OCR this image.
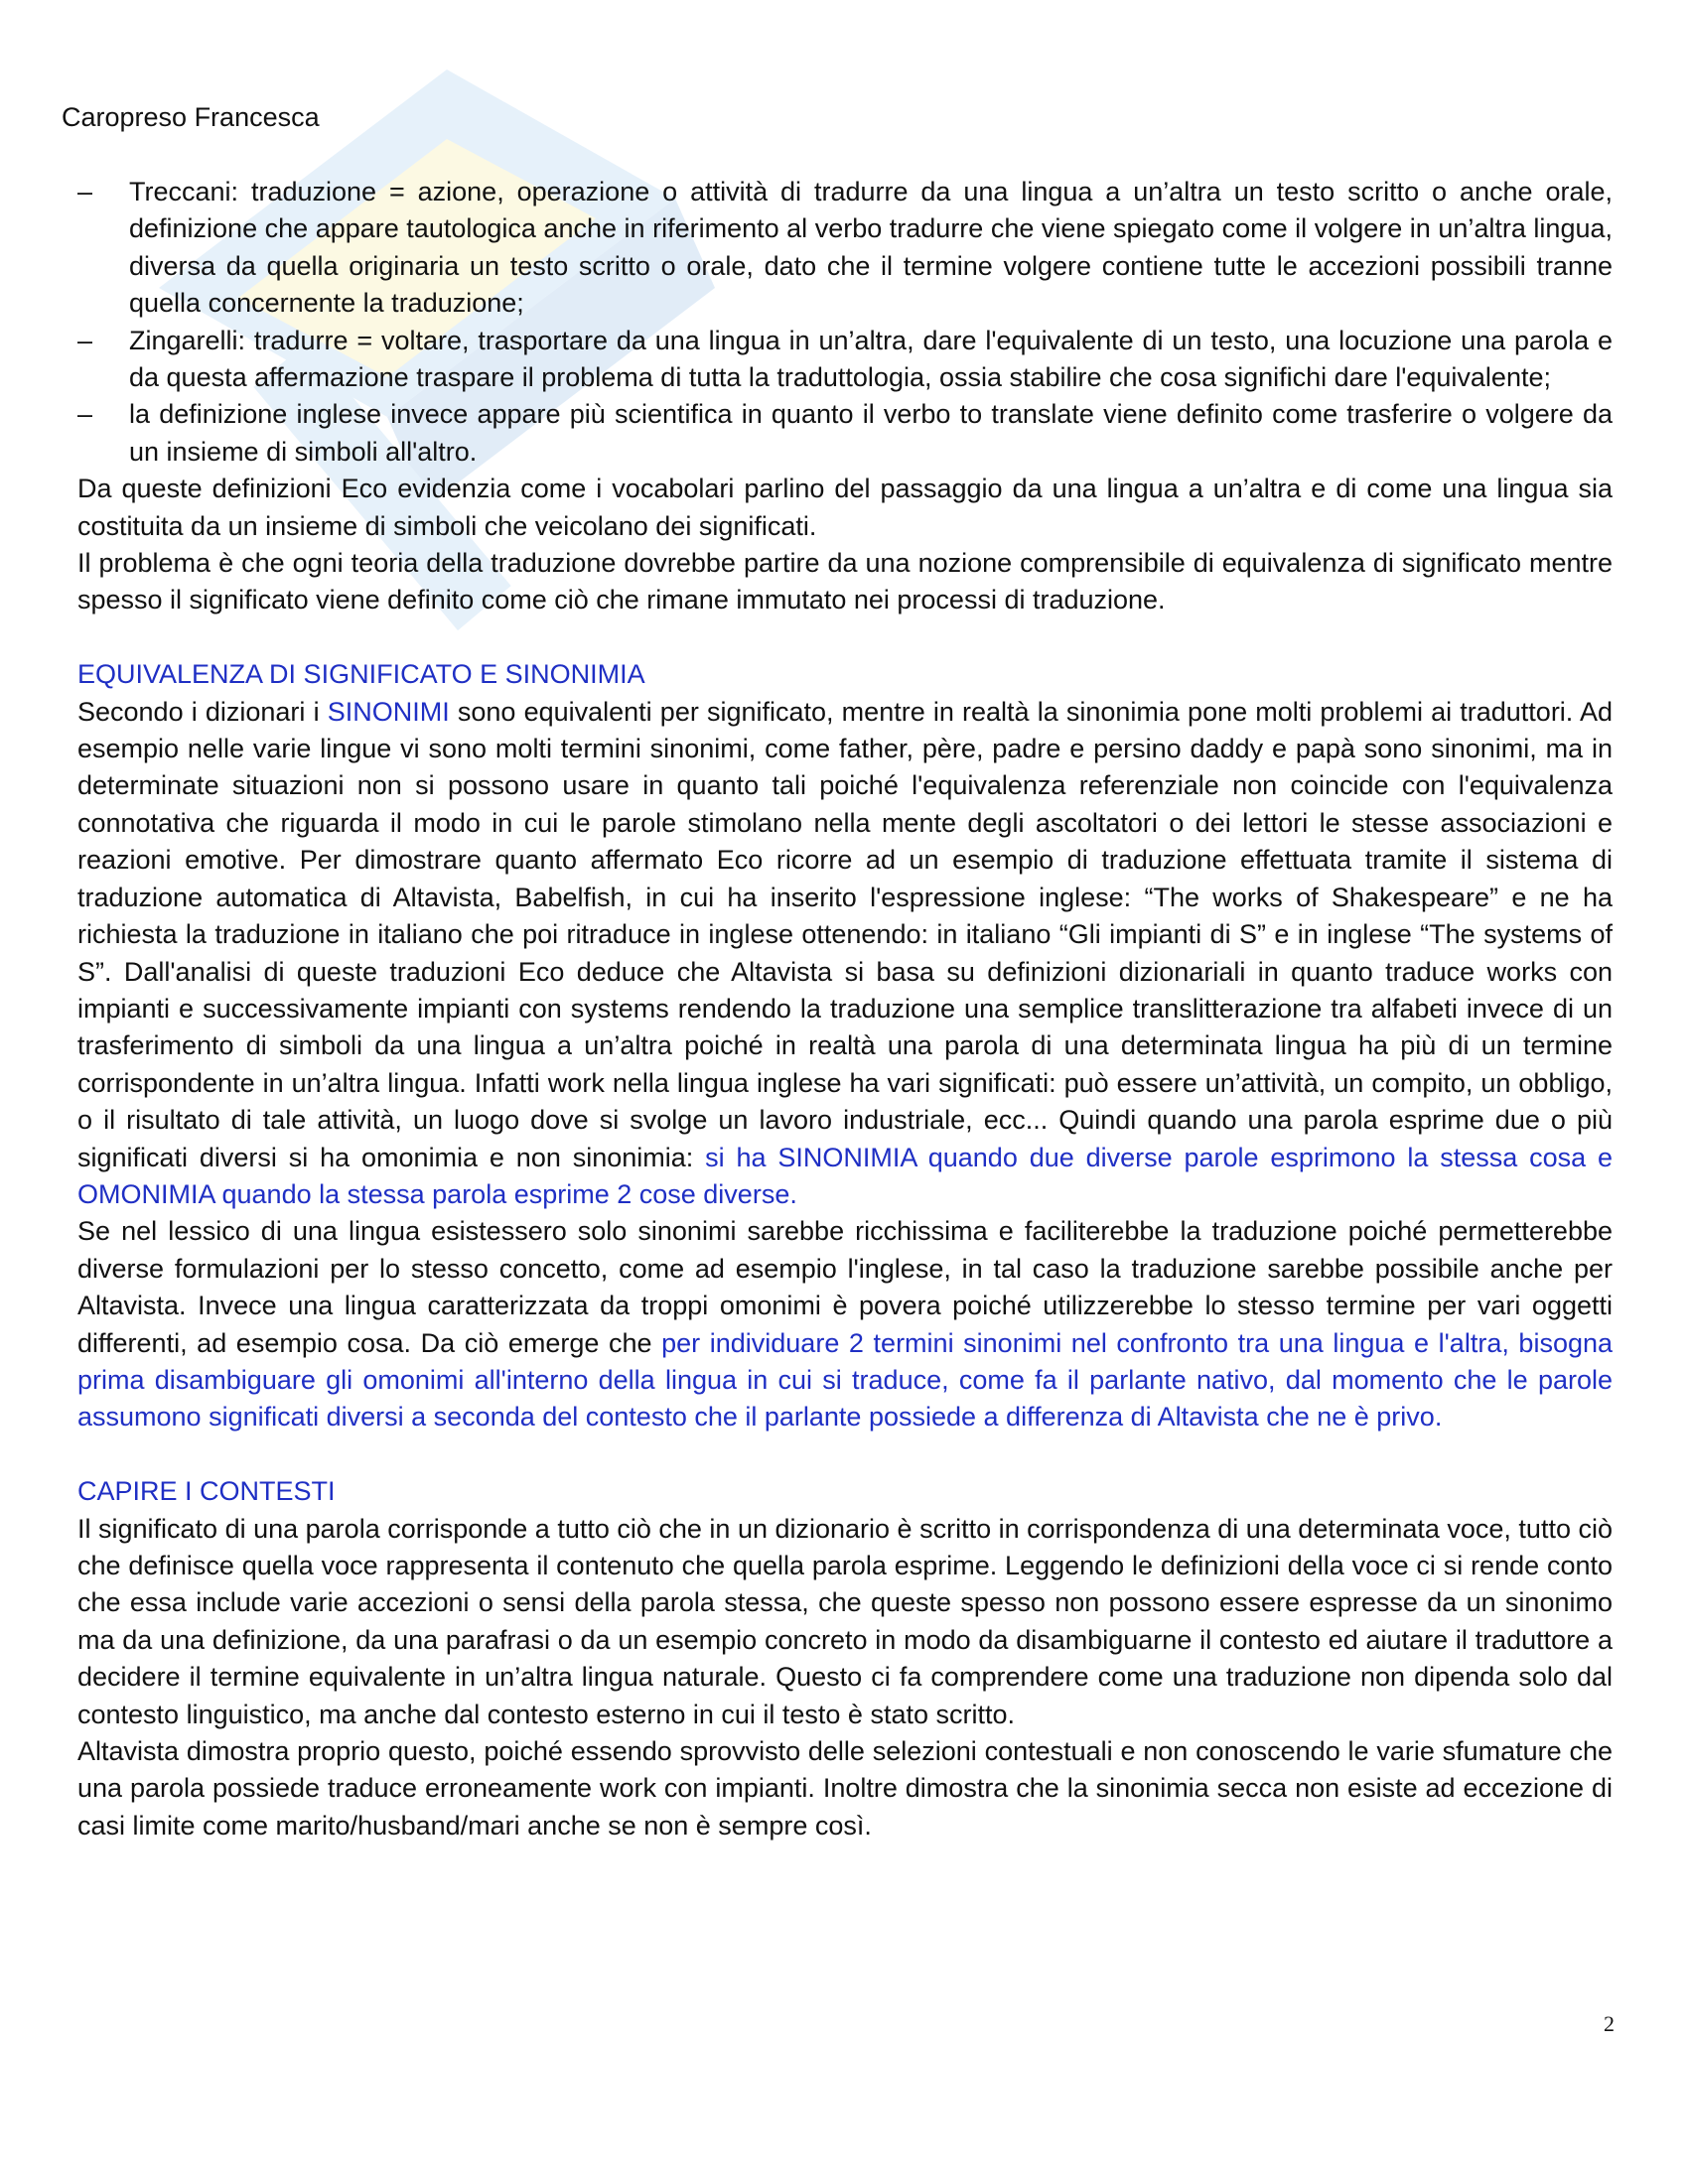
Caropreso Francesca
–	Treccani: traduzione = azione, operazione o attività di tradurre da una lingua a un’altra un testo scritto o anche orale, definizione che appare tautologica anche in riferimento al verbo tradurre che viene spiegato come il volgere in un’altra lingua, diversa da quella originaria un testo scritto o orale, dato che il termine volgere contiene tutte le accezioni possibili tranne quella concernente la traduzione;
–	Zingarelli: tradurre = voltare, trasportare da una lingua in un’altra, dare l'equivalente di un testo, una locuzione una parola e da questa affermazione traspare il problema di tutta la traduttologia, ossia stabilire che cosa significhi dare l'equivalente;
–	la definizione inglese invece appare più scientifica in quanto il verbo to translate viene definito come trasferire o volgere da un insieme di simboli all'altro.

Da queste definizioni Eco evidenzia come i vocabolari parlino del passaggio da una lingua a un’altra e di come una lingua sia costituita da un insieme di simboli che veicolano dei significati.

Il problema è che ogni teoria della traduzione dovrebbe partire da una nozione comprensibile di equivalenza di significato mentre spesso il significato viene definito come ciò che rimane immutato nei processi di traduzione.

EQUIVALENZA DI SIGNIFICATO E SINONIMIA

Secondo i dizionari i SINONIMI sono equivalenti per significato, mentre in realtà la sinonimia pone molti problemi ai traduttori. Ad esempio nelle varie lingue vi sono molti termini sinonimi, come father, père, padre e persino daddy e papà sono sinonimi, ma in determinate situazioni non si possono usare in quanto tali poiché l'equivalenza referenziale non coincide con l'equivalenza connotativa che riguarda il modo in cui le parole stimolano nella mente degli ascoltatori o dei lettori le stesse associazioni e reazioni emotive. Per dimostrare quanto affermato Eco ricorre ad un esempio di traduzione effettuata tramite il sistema di traduzione automatica di Altavista, Babelfish, in cui ha inserito l'espressione inglese: “The works of Shakespeare” e ne ha richiesta la traduzione in italiano che poi ritraduce in inglese ottenendo: in italiano “Gli impianti di S” e in inglese “The systems of S”. Dall'analisi di queste traduzioni Eco deduce che Altavista si basa su definizioni dizionariali in quanto traduce works con impianti e successivamente impianti con systems rendendo la traduzione una semplice translitterazione tra alfabeti invece di un trasferimento di simboli da una lingua a un’altra poiché in realtà una parola di una determinata lingua ha più di un termine corrispondente in un’altra lingua. Infatti work nella lingua inglese ha vari significati: può essere un’attività, un compito, un obbligo, o il risultato di tale attività, un luogo dove si svolge un lavoro industriale, ecc... Quindi quando una parola esprime due o più significati diversi si ha omonimia e non sinonimia: si ha SINONIMIA quando due diverse parole esprimono la stessa cosa e OMONIMIA quando la stessa parola esprime 2 cose diverse.

Se nel lessico di una lingua esistessero solo sinonimi sarebbe ricchissima e faciliterebbe la traduzione poiché permetterebbe diverse formulazioni per lo stesso concetto, come ad esempio l'inglese, in tal caso la traduzione sarebbe possibile anche per Altavista. Invece una lingua caratterizzata da troppi omonimi è povera poiché utilizzerebbe lo stesso termine per vari oggetti differenti, ad esempio cosa. Da ciò emerge che per individuare 2 termini sinonimi nel confronto tra una lingua e l'altra, bisogna prima disambiguare gli omonimi all'interno della lingua in cui si traduce, come fa il parlante nativo, dal momento che le parole assumono significati diversi a seconda del contesto che il parlante possiede a differenza di Altavista che ne è privo.

CAPIRE I CONTESTI

Il significato di una parola corrisponde a tutto ciò che in un dizionario è scritto in corrispondenza di una determinata voce, tutto ciò che definisce quella voce rappresenta il contenuto che quella parola esprime. Leggendo le definizioni della voce ci si rende conto che essa include varie accezioni o sensi della parola stessa, che queste spesso non possono essere espresse da un sinonimo ma da una definizione, da una parafrasi o da un esempio concreto in modo da disambiguarne il contesto ed aiutare il traduttore a decidere il termine equivalente in un’altra lingua naturale. Questo ci fa comprendere come una traduzione non dipenda solo dal contesto linguistico, ma anche dal contesto esterno in cui il testo è stato scritto.

Altavista dimostra proprio questo, poiché essendo sprovvisto delle selezioni contestuali e non conoscendo le varie sfumature che una parola possiede traduce erroneamente work con impianti. Inoltre dimostra che la sinonimia secca non esiste ad eccezione di casi limite come marito/husband/mari anche se non è sempre così.

2
